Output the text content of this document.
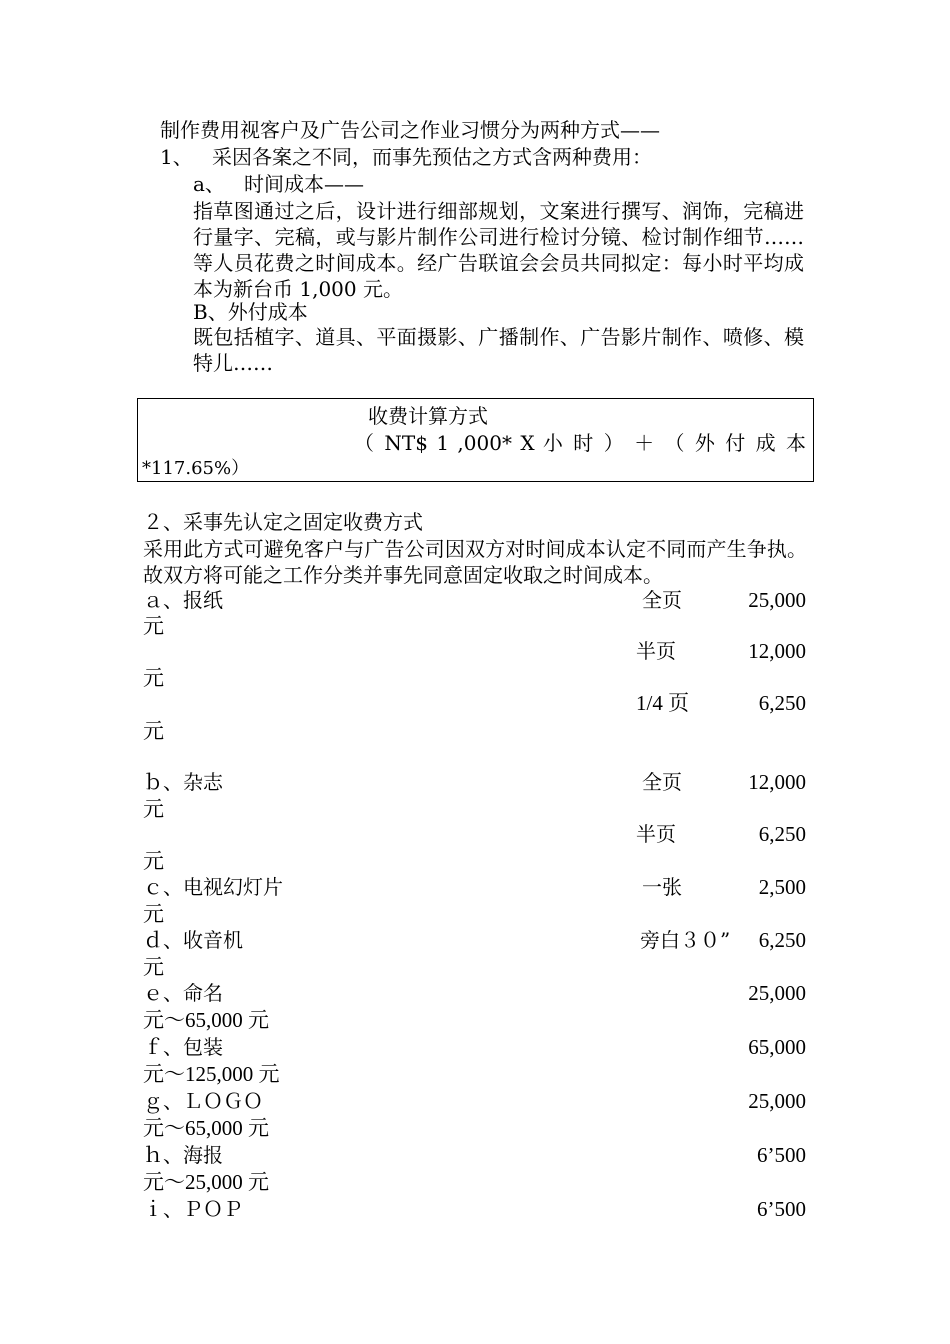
制作费用视客户及广告公司之作业习惯分为两种方式——
1、 采因各案之不同，而事先预估之方式含两种费用：
a、 时间成本——
指草图通过之后，设计进行细部规划，文案进行撰写、润饰，完稿进行量字、完稿，或与影片制作公司进行检讨分镜、检讨制作细节……等人员花费之时间成本。经广告联谊会会员共同拟定：每小时平均成本为新台币 1,000 元。
B、外付成本
既包括植字、道具、平面摄影、广播制作、广告影片制作、喷修、模特儿……
收费计算方式
（ NT$ 1 ,000* X 小 时 ） ＋ （ 外 付 成 本
*117.65%）
２、采事先认定之固定收费方式
采用此方式可避免客户与广告公司因双方对时间成本认定不同而产生争执。故双方将可能之工作分类并事先同意固定收取之时间成本。
ａ、报纸	全页	25,000
元
半页	12,000
元
1/4 页	6,250
元
ｂ、杂志	全页	12,000
元
半页	6,250
元
ｃ、电视幻灯片	一张	2,500
元
ｄ、收音机	旁白３０”	6,250
元
ｅ、命名	25,000
元～65,000 元
ｆ、包装	65,000
元～125,000 元
ｇ、ＬＯＧＯ	25,000
元～65,000 元
ｈ、海报	6’500
元～25,000 元
ｉ、ＰＯＰ	6’500
